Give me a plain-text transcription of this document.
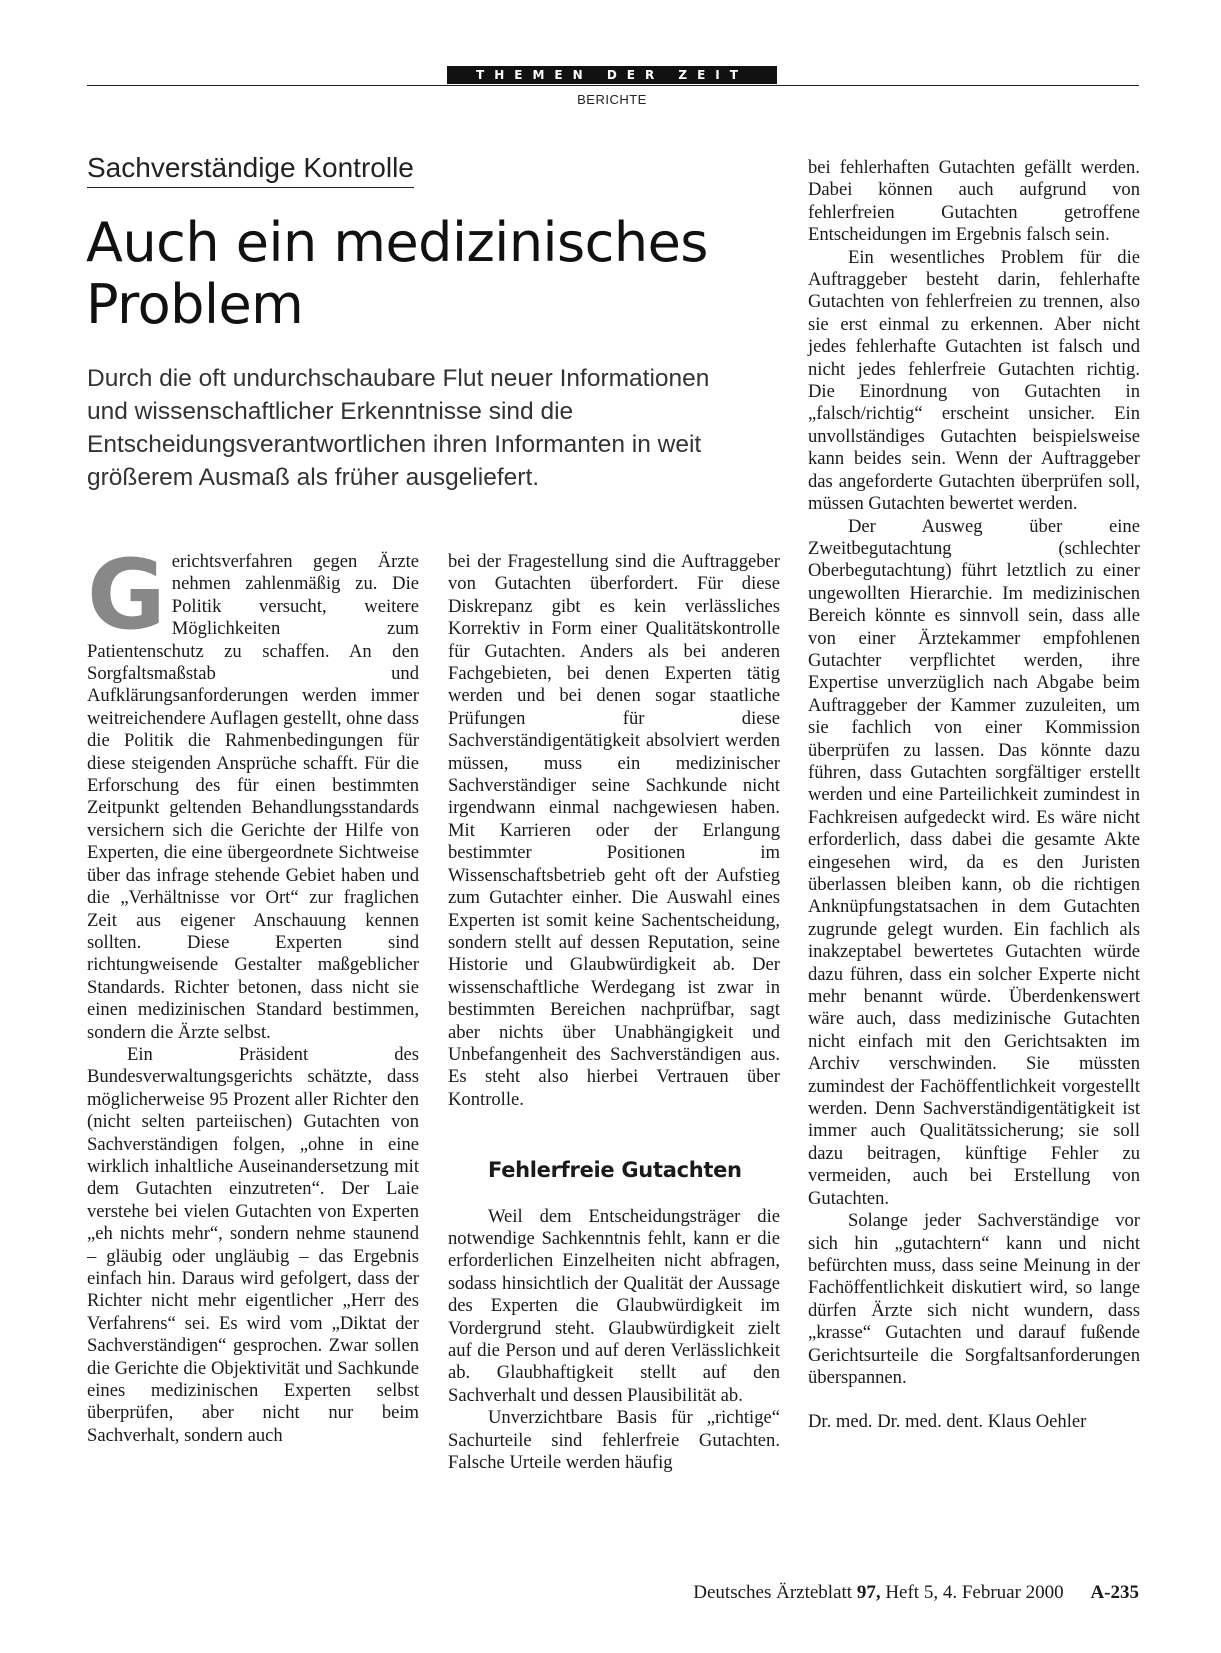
THEMEN DER ZEIT
BERICHTE
Sachverständige Kontrolle
Auch ein medizinisches Problem

Durch die oft undurchschaubare Flut neuer Informationen und wissenschaftlicher Erkenntnisse sind die Entscheidungsverantwortlichen ihren Informanten in weit größerem Ausmaß als früher ausgeliefert.

Gerichtsverfahren gegen Ärzte nehmen zahlenmäßig zu. Die Politik versucht, weitere Möglichkeiten zum Patientenschutz zu schaffen. An den Sorgfaltsmaßstab und Aufklärungsanforderungen werden immer weitreichendere Auflagen gestellt, ohne dass die Politik die Rahmenbedingungen für diese steigenden Ansprüche schafft. Für die Erforschung des für einen bestimmten Zeitpunkt geltenden Behandlungsstandards versichern sich die Gerichte der Hilfe von Experten, die eine übergeordnete Sichtweise über das infrage stehende Gebiet haben und die „Verhältnisse vor Ort“ zur fraglichen Zeit aus eigener Anschauung kennen sollten. Diese Experten sind richtungweisende Gestalter maßgeblicher Standards. Richter betonen, dass nicht sie einen medizinischen Standard bestimmen, sondern die Ärzte selbst.

Ein Präsident des Bundesverwaltungsgerichts schätzte, dass möglicherweise 95 Prozent aller Richter den (nicht selten parteiischen) Gutachten von Sachverständigen folgen, „ohne in eine wirklich inhaltliche Auseinandersetzung mit dem Gutachten einzutreten“. Der Laie verstehe bei vielen Gutachten von Experten „eh nichts mehr“, sondern nehme staunend – gläubig oder ungläubig – das Ergebnis einfach hin. Daraus wird gefolgert, dass der Richter nicht mehr eigentlicher „Herr des Verfahrens“ sei. Es wird vom „Diktat der Sachverständigen“ gesprochen. Zwar sollen die Gerichte die Objektivität und Sachkunde eines medizinischen Experten selbst überprüfen, aber nicht nur beim Sachverhalt, sondern auch

bei der Fragestellung sind die Auftraggeber von Gutachten überfordert. Für diese Diskrepanz gibt es kein verlässliches Korrektiv in Form einer Qualitätskontrolle für Gutachten. Anders als bei anderen Fachgebieten, bei denen Experten tätig werden und bei denen sogar staatliche Prüfungen für diese Sachverständigentätigkeit absolviert werden müssen, muss ein medizinischer Sachverständiger seine Sachkunde nicht irgendwann einmal nachgewiesen haben. Mit Karrieren oder der Erlangung bestimmter Positionen im Wissenschaftsbetrieb geht oft der Aufstieg zum Gutachter einher. Die Auswahl eines Experten ist somit keine Sachentscheidung, sondern stellt auf dessen Reputation, seine Historie und Glaubwürdigkeit ab. Der wissenschaftliche Werdegang ist zwar in bestimmten Bereichen nachprüfbar, sagt aber nichts über Unabhängigkeit und Unbefangenheit des Sachverständigen aus. Es steht also hierbei Vertrauen über Kontrolle.

Fehlerfreie Gutachten

Weil dem Entscheidungsträger die notwendige Sachkenntnis fehlt, kann er die erforderlichen Einzelheiten nicht abfragen, sodass hinsichtlich der Qualität der Aussage des Experten die Glaubwürdigkeit im Vordergrund steht. Glaubwürdigkeit zielt auf die Person und auf deren Verlässlichkeit ab. Glaubhaftigkeit stellt auf den Sachverhalt und dessen Plausibilität ab.

Unverzichtbare Basis für „richtige“ Sachurteile sind fehlerfreie Gutachten. Falsche Urteile werden häufig

bei fehlerhaften Gutachten gefällt werden. Dabei können auch aufgrund von fehlerfreien Gutachten getroffene Entscheidungen im Ergebnis falsch sein.

Ein wesentliches Problem für die Auftraggeber besteht darin, fehlerhafte Gutachten von fehlerfreien zu trennen, also sie erst einmal zu erkennen. Aber nicht jedes fehlerhafte Gutachten ist falsch und nicht jedes fehlerfreie Gutachten richtig. Die Einordnung von Gutachten in „falsch/richtig“ erscheint unsicher. Ein unvollständiges Gutachten beispielsweise kann beides sein. Wenn der Auftraggeber das angeforderte Gutachten überprüfen soll, müssen Gutachten bewertet werden.

Der Ausweg über eine Zweitbegutachtung (schlechter Oberbegutachtung) führt letztlich zu einer ungewollten Hierarchie. Im medizinischen Bereich könnte es sinnvoll sein, dass alle von einer Ärztekammer empfohlenen Gutachter verpflichtet werden, ihre Expertise unverzüglich nach Abgabe beim Auftraggeber der Kammer zuzuleiten, um sie fachlich von einer Kommission überprüfen zu lassen. Das könnte dazu führen, dass Gutachten sorgfältiger erstellt werden und eine Parteilichkeit zumindest in Fachkreisen aufgedeckt wird. Es wäre nicht erforderlich, dass dabei die gesamte Akte eingesehen wird, da es den Juristen überlassen bleiben kann, ob die richtigen Anknüpfungstatsachen in dem Gutachten zugrunde gelegt wurden. Ein fachlich als inakzeptabel bewertetes Gutachten würde dazu führen, dass ein solcher Experte nicht mehr benannt würde. Überdenkenswert wäre auch, dass medizinische Gutachten nicht einfach mit den Gerichtsakten im Archiv verschwinden. Sie müssten zumindest der Fachöffentlichkeit vorgestellt werden. Denn Sachverständigentätigkeit ist immer auch Qualitätssicherung; sie soll dazu beitragen, künftige Fehler zu vermeiden, auch bei Erstellung von Gutachten.

Solange jeder Sachverständige vor sich hin „gutachtern“ kann und nicht befürchten muss, dass seine Meinung in der Fachöffentlichkeit diskutiert wird, so lange dürfen Ärzte sich nicht wundern, dass „krasse“ Gutachten und darauf fußende Gerichtsurteile die Sorgfaltsanforderungen überspannen.

Dr. med. Dr. med. dent. Klaus Oehler

Deutsches Ärzteblatt 97, Heft 5, 4. Februar 2000 A-235
